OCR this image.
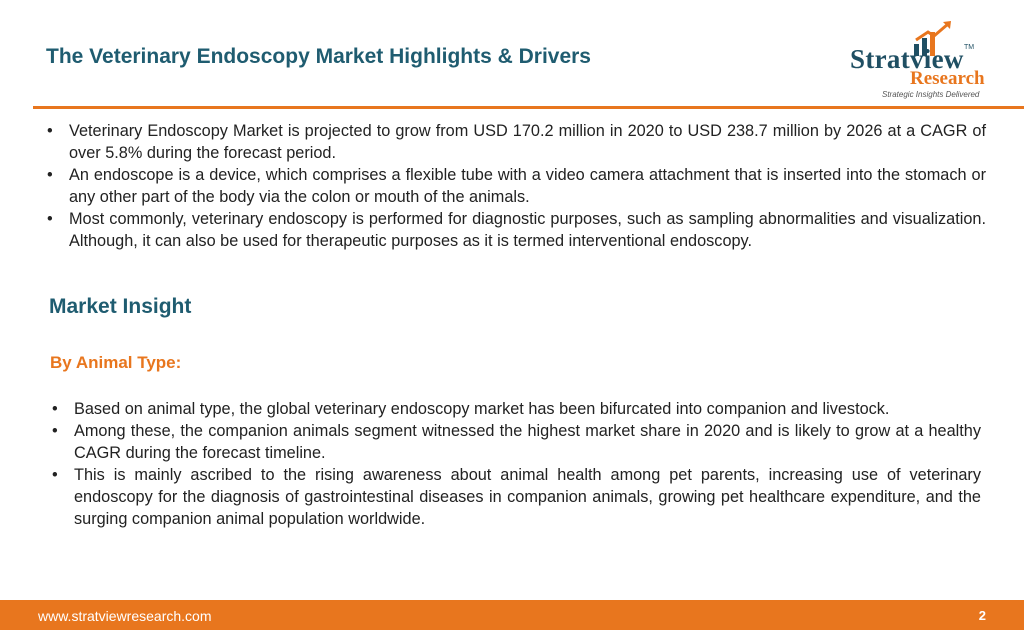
The Veterinary Endoscopy Market Highlights & Drivers	Stratview TM
Research
Strategic Insights Delivered
• Veterinary Endoscopy Market is projected to grow from USD 170.2 million in 2020 to USD 238.7 million by 2026 at a CAGR of over 5.8% during the forecast period.
• An endoscope is a device, which comprises a flexible tube with a video camera attachment that is inserted into the stomach or any other part of the body via the colon or mouth of the animals.
• Most commonly, veterinary endoscopy is performed for diagnostic purposes, such as sampling abnormalities and visualization. Although, it can also be used for therapeutic purposes as it is termed interventional endoscopy.
Market Insight
By Animal Type:
• Based on animal type, the global veterinary endoscopy market has been bifurcated into companion and livestock.
• Among these, the companion animals segment witnessed the highest market share in 2020 and is likely to grow at a healthy CAGR during the forecast timeline.
• This is mainly ascribed to the rising awareness about animal health among pet parents, increasing use of veterinary endoscopy for the diagnosis of gastrointestinal diseases in companion animals, growing pet healthcare expenditure, and the surging companion animal population worldwide.
www.stratviewresearch.com	2
